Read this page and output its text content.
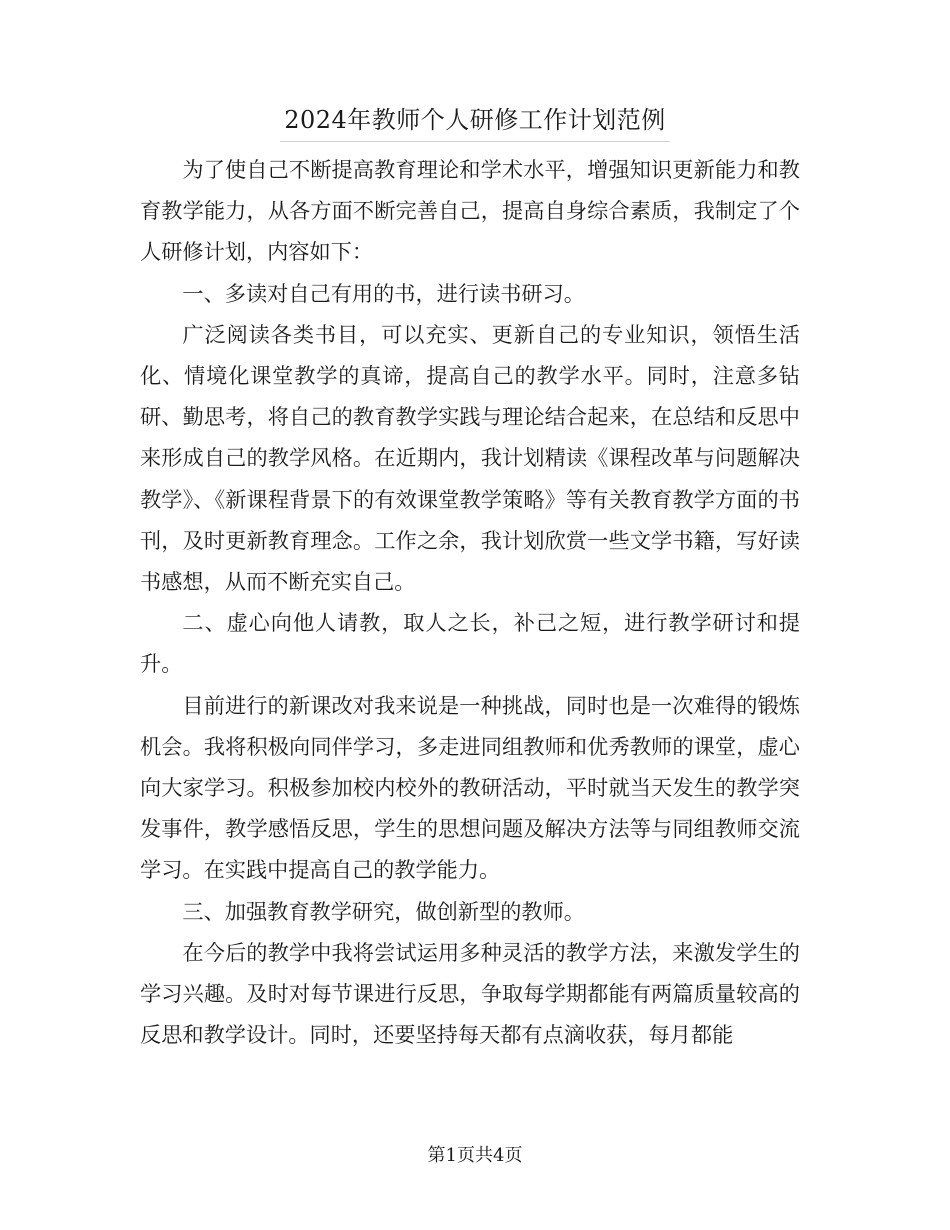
2024年教师个人研修工作计划范例

为了使自己不断提高教育理论和学术水平，增强知识更新能力和教育教学能力，从各方面不断完善自己，提高自身综合素质，我制定了个人研修计划，内容如下：

一、多读对自己有用的书，进行读书研习。

广泛阅读各类书目，可以充实、更新自己的专业知识，领悟生活化、情境化课堂教学的真谛，提高自己的教学水平。同时，注意多钻研、勤思考，将自己的教育教学实践与理论结合起来，在总结和反思中来形成自己的教学风格。在近期内，我计划精读《课程改革与问题解决教学》、《新课程背景下的有效课堂教学策略》等有关教育教学方面的书刊，及时更新教育理念。工作之余，我计划欣赏一些文学书籍，写好读书感想，从而不断充实自己。

二、虚心向他人请教，取人之长，补己之短，进行教学研讨和提升。

目前进行的新课改对我来说是一种挑战，同时也是一次难得的锻炼机会。我将积极向同伴学习，多走进同组教师和优秀教师的课堂，虚心向大家学习。积极参加校内校外的教研活动，平时就当天发生的教学突发事件，教学感悟反思，学生的思想问题及解决方法等与同组教师交流学习。在实践中提高自己的教学能力。

三、加强教育教学研究，做创新型的教师。

在今后的教学中我将尝试运用多种灵活的教学方法，来激发学生的学习兴趣。及时对每节课进行反思，争取每学期都能有两篇质量较高的反思和教学设计。同时，还要坚持每天都有点滴收获，每月都能

第1页共4页
